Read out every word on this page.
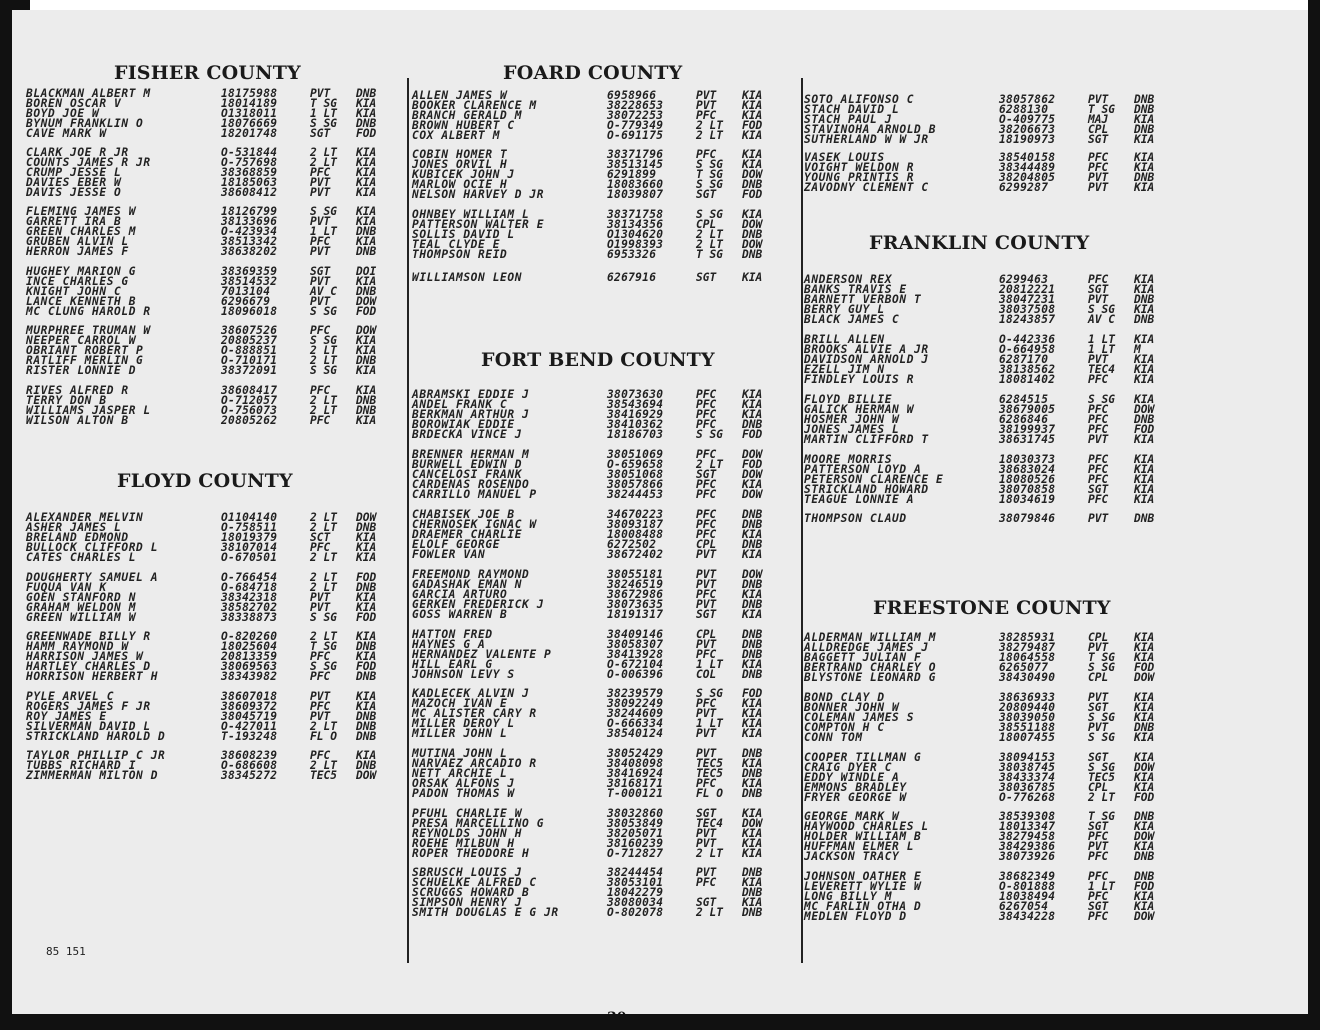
85 151
FISHER COUNTY
BLACKMAN ALBERT M	18175988	PVT DNB
BOREN OSCAR V	18014189	T SG KIA
BOYD JOE W	O1318011	1 LT KIA
BYNUM FRANKLIN O	18076669	S SG DNB
CAVE MARK W	18201748	SGT FOD
CLARK JOE R JR	O-531844	2 LT KIA
COUNTS JAMES R JR	O-757698	2 LT KIA
CRUMP JESSE L	38368859	PFC KIA
DAVIES EBER W	18185063	PVT KIA
DAVIS JESSE O	38608412	PVT KIA
FLEMING JAMES W	18126799	S SG KIA
GARRETT IRA B	38133696	PVT KIA
GREEN CHARLES M	O-423934	1 LT DNB
GRUBEN ALVIN L	38513342	PFC KIA
HERRON JAMES F	38638202	PVT DNB
HUGHEY MARION G	38369359	SGT DOI
INCE CHARLES G	38514532	PVT KIA
KNIGHT JOHN C	7013104	AV C DNB
LANCE KENNETH B	6296679	PVT DOW
MC CLUNG HAROLD R	18096018	S SG FOD
MURPHREE TRUMAN W	38607526	PFC DOW
NEEPER CARROL W	20805237	S SG KIA
OBRIANT ROBERT P	O-888851	2 LT KIA
RATLIFF MERLIN G	O-710171	2 LT DNB
RISTER LONNIE D	38372091	S SG KIA
RIVES ALFRED R	38608417	PFC KIA
TERRY DON B	O-712057	2 LT DNB
WILLIAMS JASPER L	O-756073	2 LT DNB
WILSON ALTON B	20805262	PFC KIA
FLOYD COUNTY
ALEXANDER MELVIN	O1104140	2 LT DOW
ASHER JAMES L	O-758511	2 LT DNB
BRELAND EDMOND	18019379	SCT KIA
BULLOCK CLIFFORD L	38107014	PFC KIA
CATES CHARLES L	O-670501	2 LT KIA
DOUGHERTY SAMUEL A	O-766454	2 LT FOD
FUQUA VAN K	O-684718	2 LT DNB
GOEN STANFORD N	38342318	PVT KIA
GRAHAM WELDON M	38582702	PVT KIA
GREEN WILLIAM W	38338873	S SG FOD
GREENWADE BILLY R	O-820260	2 LT KIA
HAMM RAYMOND W	18025604	T SG DNB
HARRISON JAMES W	20813359	PFC KIA
HARTLEY CHARLES D	38069563	S SG FOD
HORRISON HERBERT H	38343982	PFC DNB
PYLE ARVEL C	38607018	PVT KIA
ROGERS JAMES F JR	38609372	PFC KIA
ROY JAMES E	38045719	PVT DNB
SILVERMAN DAVID L	O-427011	2 LT DNB
STRICKLAND HAROLD D	T-193248	FL O DNB
TAYLOR PHILLIP C JR	38608239	PFC KIA
TUBBS RICHARD I	O-686608	2 LT DNB
ZIMMERMAN MILTON D	38345272	TEC5 DOW
FOARD COUNTY
ALLEN JAMES W	6958966	PVT KIA
BOOKER CLARENCE M	38228653	PVT KIA
BRANCH GERALD M	38072253	PFC KIA
BROWN HUBERT C	O-779349	2 LT FOD
COX ALBERT M	O-691175	2 LT KIA
COBIN HOMER T	38371796	PFC KIA
JONES ORVIL H	38513145	S SG KIA
KUBICEK JOHN J	6291899	T SG DOW
MARLOW OCIE H	18083660	S SG DNB
NELSON HARVEY D JR	18039807	SGT FOD
OHNBEY WILLIAM L	38371758	S SG KIA
PATTERSON WALTER E	38134356	CPL DOW
SOLLIS DAVID L	O1304620	2 LT DNB
TEAL CLYDE E	O1998393	2 LT DOW
THOMPSON REID	6953326	T SG DNB
WILLIAMSON LEON	6267916	SGT KIA
FORT BEND COUNTY
ABRAMSKI EDDIE J	38073630	PFC KIA
ANDEL FRANK C	38543694	PFC KIA
BERKMAN ARTHUR J	38416929	PFC KIA
BOROWIAK EDDIE	38410362	PFC DNB
BRDECKA VINCE J	18186703	S SG FOD
BRENNER HERMAN M	38051069	PFC DOW
BURWELL EDWIN D	O-659658	2 LT FOD
CANCELOSI FRANK	38051068	SGT DOW
CARDENAS ROSENDO	38057866	PFC KIA
CARRILLO MANUEL P	38244453	PFC DOW
CHABISEK JOE B	34670223	PFC DNB
CHERNOSEK IGNAC W	38093187	PFC DNB
DRAEMER CHARLIE	18008488	PFC KIA
ELOLF GEORGE	6272502	CPL DNB
FOWLER VAN	38672402	PVT KIA
FREEMOND RAYMOND	38055181	PVT DOW
GADASHAK EMAN N	38246519	PVT DNB
GARCIA ARTURO	38672986	PFC KIA
GERKEN FREDERICK J	38073635	PVT DNB
GOSS WARREN B	18191317	SGT KIA
HATTON FRED	38409146	CPL DNB
HAYNES G A	38058307	PVT DNB
HERNANDEZ VALENTE P	38413928	PFC DNB
HILL EARL G	O-672104	1 LT KIA
JOHNSON LEVY S	O-006396	COL DNB
KADLECEK ALVIN J	38239579	S SG FOD
MAZOCH IVAN E	38092249	PFC KIA
MC ALISTER CARY R	38244609	PVT KIA
MILLER DEROY L	O-666334	1 LT KIA
MILLER JOHN L	38540124	PVT KIA
MUTINA JOHN L	38052429	PVT DNB
NARVAEZ ARCADIO R	38408098	TEC5 KIA
NETT ARCHIE L	38416924	TEC5 DNB
ORSAK ALFONS J	38168171	PFC KIA
PADON THOMAS W	T-000121	FL O DNB
PFUHL CHARLIE W	38032860	SGT KIA
PRESA MARCELLINO G	38053849	TEC4 DOW
REYNOLDS JOHN H	38205071	PVT KIA
ROEHE MILBUN H	38160239	PVT KIA
ROPER THEODORE H	O-712827	2 LT KIA
SBRUSCH LOUIS J	38244454	PVT DNB
SCHUELKE ALFRED C	38053101	PFC KIA
SCRUGGS HOWARD B	18042279	DNB
SIMPSON HENRY J	38080034	SGT KIA
SMITH DOUGLAS E G JR	O-802078	2 LT DNB
SOTO ALIFONSO C	38057862	PVT DNB
STACH DAVID L	6288130	T SG DNB
STACH PAUL J	O-409775	MAJ KIA
STAVINOHA ARNOLD B	38206673	CPL DNB
SUTHERLAND W W JR	18190973	SGT KIA
VASEK LOUIS	38540158	PFC KIA
VOIGHT WELDON R	38344489	PFC KIA
YOUNG PRINTIS R	38204805	PVT DNB
ZAVODNY CLEMENT C	6299287	PVT KIA
FRANKLIN COUNTY
ANDERSON REX	6299463	PFC KIA
BANKS TRAVIS E	20812221	SGT KIA
BARNETT VERBON T	38047231	PVT DNB
BERRY GUY L	38037508	S SG KIA
BLACK JAMES C	18243857	AV C DNB
BRILL ALLEN	O-442336	1 LT KIA
BROOKS ALVIE A JR	O-664958	1 LT M
DAVIDSON ARNOLD J	6287170	PVT KIA
EZELL JIM N	38138562	TEC4 KIA
FINDLEY LOUIS R	18081402	PFC KIA
FLOYD BILLIE	6284515	S SG KIA
GALICK HERMAN W	38679005	PFC DOW
HOSMER JOHN W	6286846	PFC DNB
JONES JAMES L	38199937	PFC FOD
MARTIN CLIFFORD T	38631745	PVT KIA
MOORE MORRIS	18030373	PFC KIA
PATTERSON LOYD A	38683024	PFC KIA
PETERSON CLARENCE E	18080526	PFC KIA
STRICKLAND HOWARD	38070858	SGT KIA
TEAGUE LONNIE A	18034619	PFC KIA
THOMPSON CLAUD	38079846	PVT DNB
FREESTONE COUNTY
ALDERMAN WILLIAM M	38285931	CPL KIA
ALLDREDGE JAMES J	38279487	PVT KIA
BAGGETT JULIAN F	18064558	T SG KIA
BERTRAND CHARLEY O	6265077	S SG FOD
BLYSTONE LEONARD G	38430490	CPL DOW
BOND CLAY D	38636933	PVT KIA
BONNER JOHN W	20809440	SGT KIA
COLEMAN JAMES S	38039050	S SG KIA
COMPTON H C	38551188	PVT DNB
CONN TOM	18007455	S SG KIA
COOPER TILLMAN G	38094153	SGT KIA
CRAIG DYER C	38038745	S SG DOW
EDDY WINDLE A	38433374	TEC5 KIA
EMMONS BRADLEY	38036785	CPL KIA
FRYER GEORGE W	O-776268	2 LT FOD
GEORGE MARK W	38539308	T SG DNB
HAYWOOD CHARLES L	18013347	SGT KIA
HOLDER WILLIAM B	38279458	PFC DOW
HUFFMAN ELMER L	38429386	PVT KIA
JACKSON TRACY	38073926	PFC DNB
JOHNSON OATHER E	38682349	PFC DNB
LEVERETT WYLIE W	O-801888	1 LT FOD
LONG BILLY M	18038494	PFC KIA
MC FARLIN OTHA D	6267054	SGT KIA
MEDLEN FLOYD D	38434228	PFC DOW
